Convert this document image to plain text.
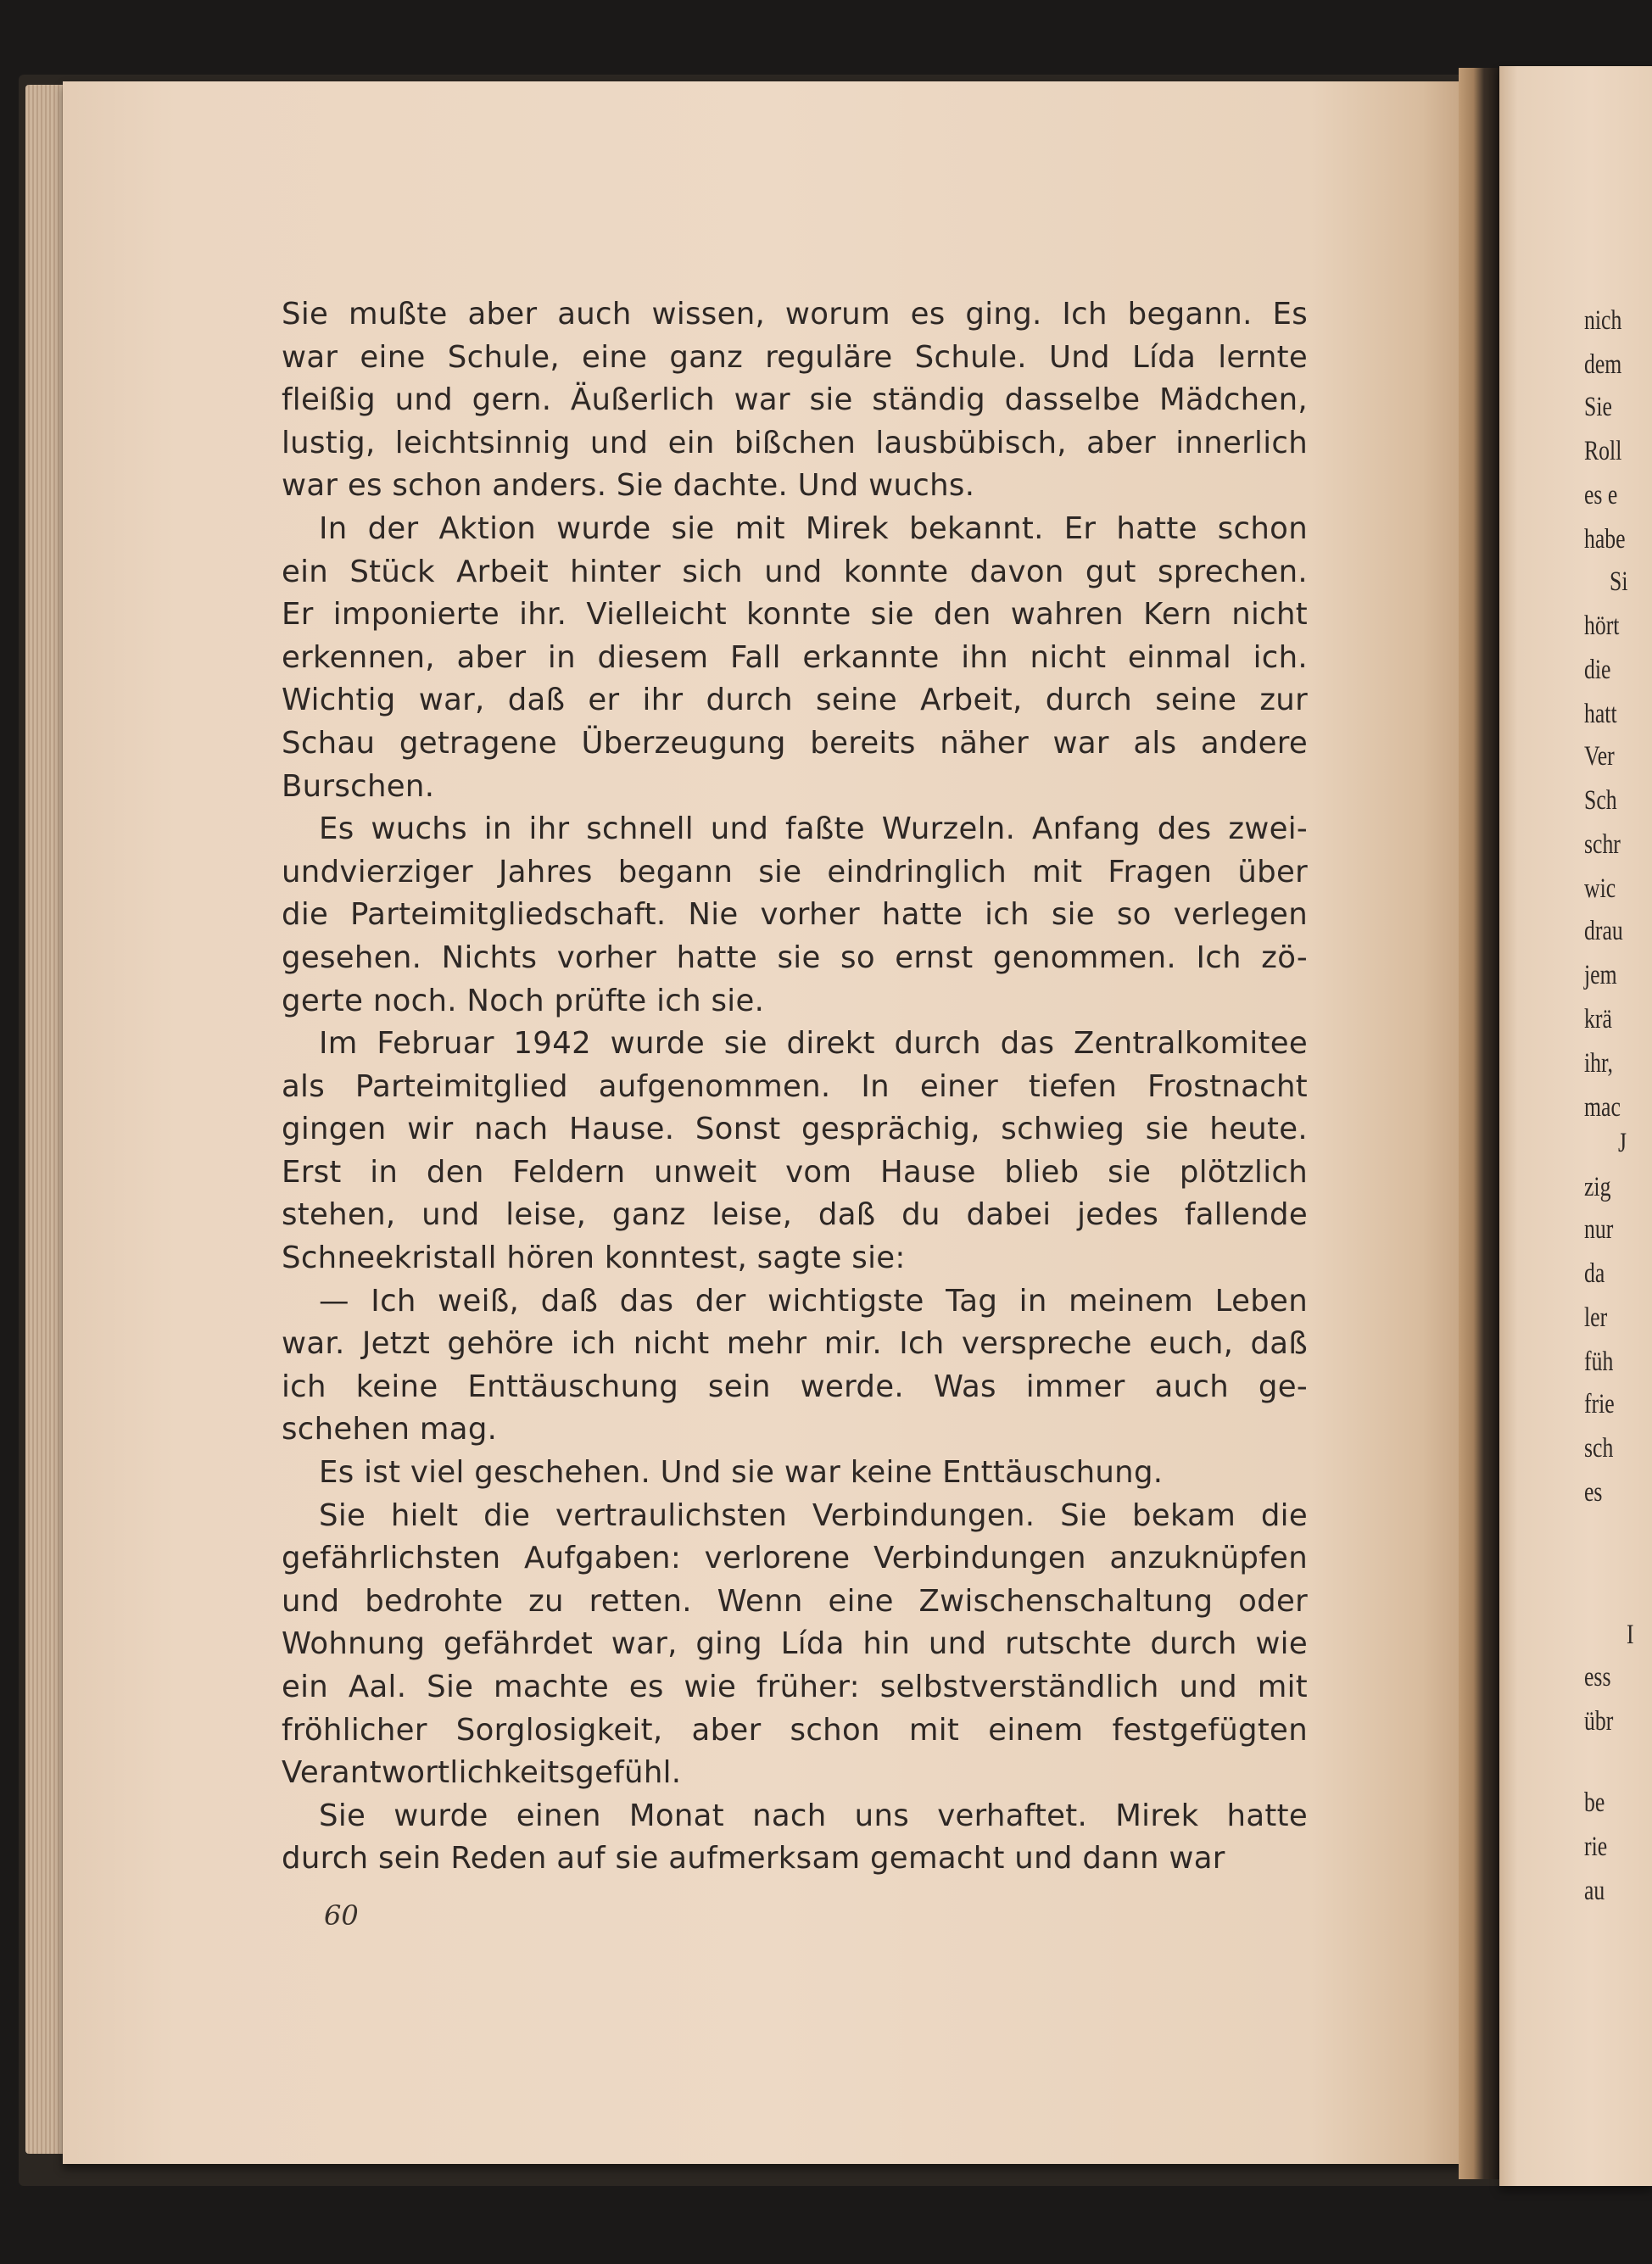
Sie mußte aber auch wissen, worum es ging. Ich begann. Es
war eine Schule, eine ganz reguläre Schule. Und Lída lernte
fleißig und gern. Äußerlich war sie ständig dasselbe Mädchen,
lustig, leichtsinnig und ein bißchen lausbübisch, aber innerlich
war es schon anders. Sie dachte. Und wuchs.
In der Aktion wurde sie mit Mirek bekannt. Er hatte schon
ein Stück Arbeit hinter sich und konnte davon gut sprechen.
Er imponierte ihr. Vielleicht konnte sie den wahren Kern nicht
erkennen, aber in diesem Fall erkannte ihn nicht einmal ich.
Wichtig war, daß er ihr durch seine Arbeit, durch seine zur
Schau getragene Überzeugung bereits näher war als andere
Burschen.
Es wuchs in ihr schnell und faßte Wurzeln. Anfang des zwei-
undvierziger Jahres begann sie eindringlich mit Fragen über
die Parteimitgliedschaft. Nie vorher hatte ich sie so verlegen
gesehen. Nichts vorher hatte sie so ernst genommen. Ich zö-
gerte noch. Noch prüfte ich sie.
Im Februar 1942 wurde sie direkt durch das Zentralkomitee
als Parteimitglied aufgenommen. In einer tiefen Frostnacht
gingen wir nach Hause. Sonst gesprächig, schwieg sie heute.
Erst in den Feldern unweit vom Hause blieb sie plötzlich
stehen, und leise, ganz leise, daß du dabei jedes fallende
Schneekristall hören konntest, sagte sie:
— Ich weiß, daß das der wichtigste Tag in meinem Leben
war. Jetzt gehöre ich nicht mehr mir. Ich verspreche euch, daß
ich keine Enttäuschung sein werde. Was immer auch ge-
schehen mag.
Es ist viel geschehen. Und sie war keine Enttäuschung.
Sie hielt die vertraulichsten Verbindungen. Sie bekam die
gefährlichsten Aufgaben: verlorene Verbindungen anzuknüpfen
und bedrohte zu retten. Wenn eine Zwischenschaltung oder
Wohnung gefährdet war, ging Lída hin und rutschte durch wie
ein Aal. Sie machte es wie früher: selbstverständlich und mit
fröhlicher Sorglosigkeit, aber schon mit einem festgefügten
Verantwortlichkeitsgefühl.
Sie wurde einen Monat nach uns verhaftet. Mirek hatte
durch sein Reden auf sie aufmerksam gemacht und dann war
60
nich
dem
Sie
Roll
es e
habe
Si
hört
die
hatt
Ver
Sch
schr
wic
drau
jem
krä
ihr,
mac
J
zig
nur
da
ler
füh
frie
sch
es
I
ess
übr
be
rie
au
